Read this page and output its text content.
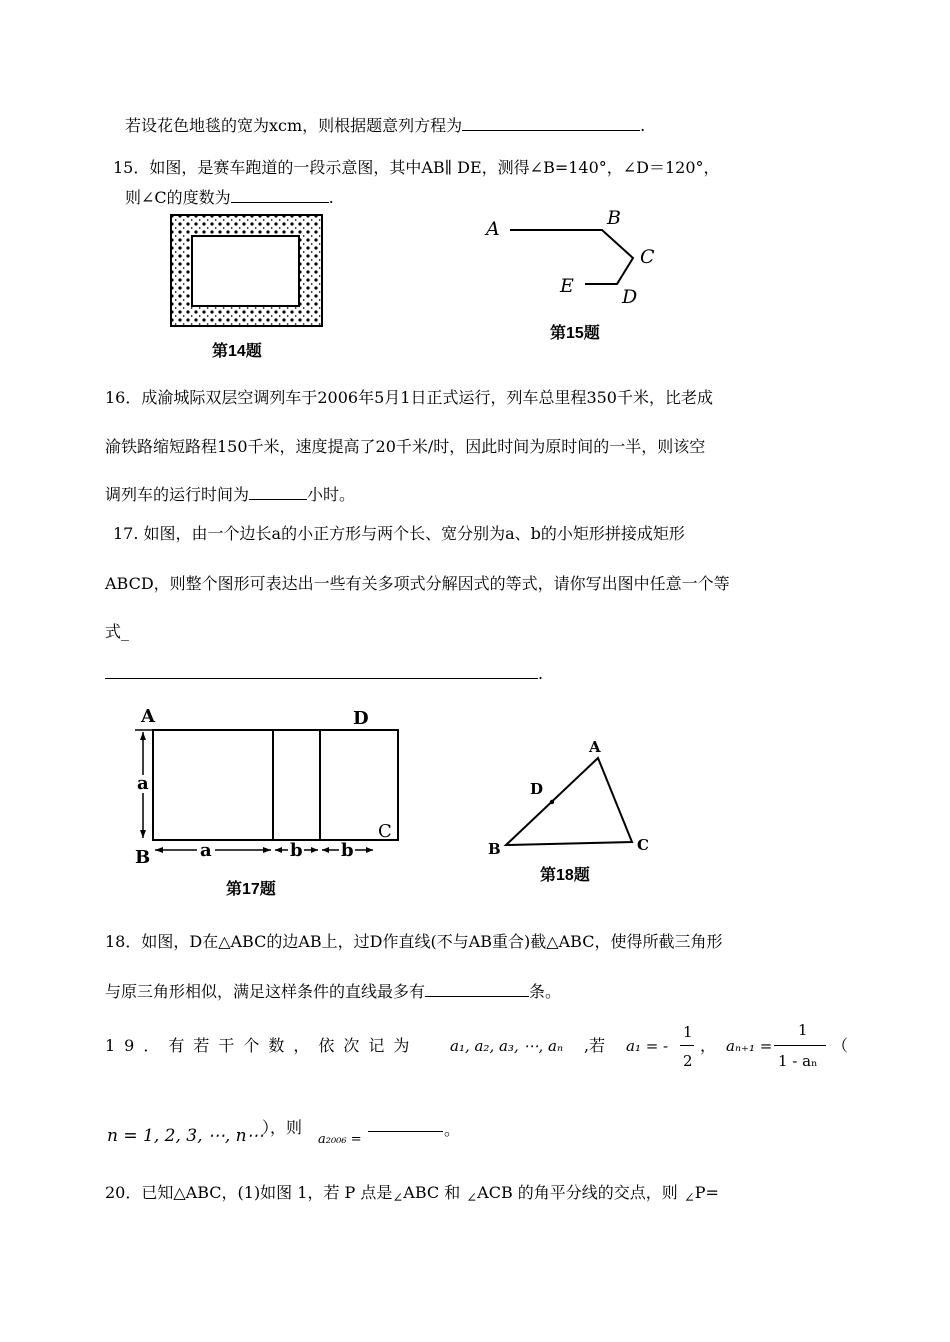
若设花色地毯的宽为xcm，则根据题意列方程为	.
15．如图，是赛车跑道的一段示意图，其中AB∥ DE，测得∠B=140°，∠D＝120°，
则∠C的度数为	.
第14题
A	B
C
D
E
第15题
16．成渝城际双层空调列车于2006年5月1日正式运行，列车总里程350千米，比老成
渝铁路缩短路程150千米，速度提高了20千米/时，因此时间为原时间的一半，则该空
调列车的运行时间为	小时。
17. 如图，由一个边长a的小正方形与两个长、宽分别为a、b的小矩形拼接成矩形
ABCD，则整个图形可表达出一些有关多项式分解因式的等式，请你写出图中任意一个等
式_
.
A	D
B
C
a
a	b b
第17题
A
B	C
D
第18题
18．如图，D在△ABC的边AB上，过D作直线(不与AB重合)截△ABC，使得所截三角形
与原三角形相似，满足这样条件的直线最多有	条。
19．有若干个数，依次记为 a₁, a₂, a₃, ⋯, aₙ ,若 a₁ = -
1
2
， aₙ₊₁ =
1
1 - aₙ
（
n = 1, 2, 3, ⋯, n⋯
），则
a₂₀₀₆ =
。
20．已知△ABC，(1)如图 1，若 P 点是$_\angle$ABC 和 $_\angle$ACB 的角平分线的交点，则 $_\angle$P=
